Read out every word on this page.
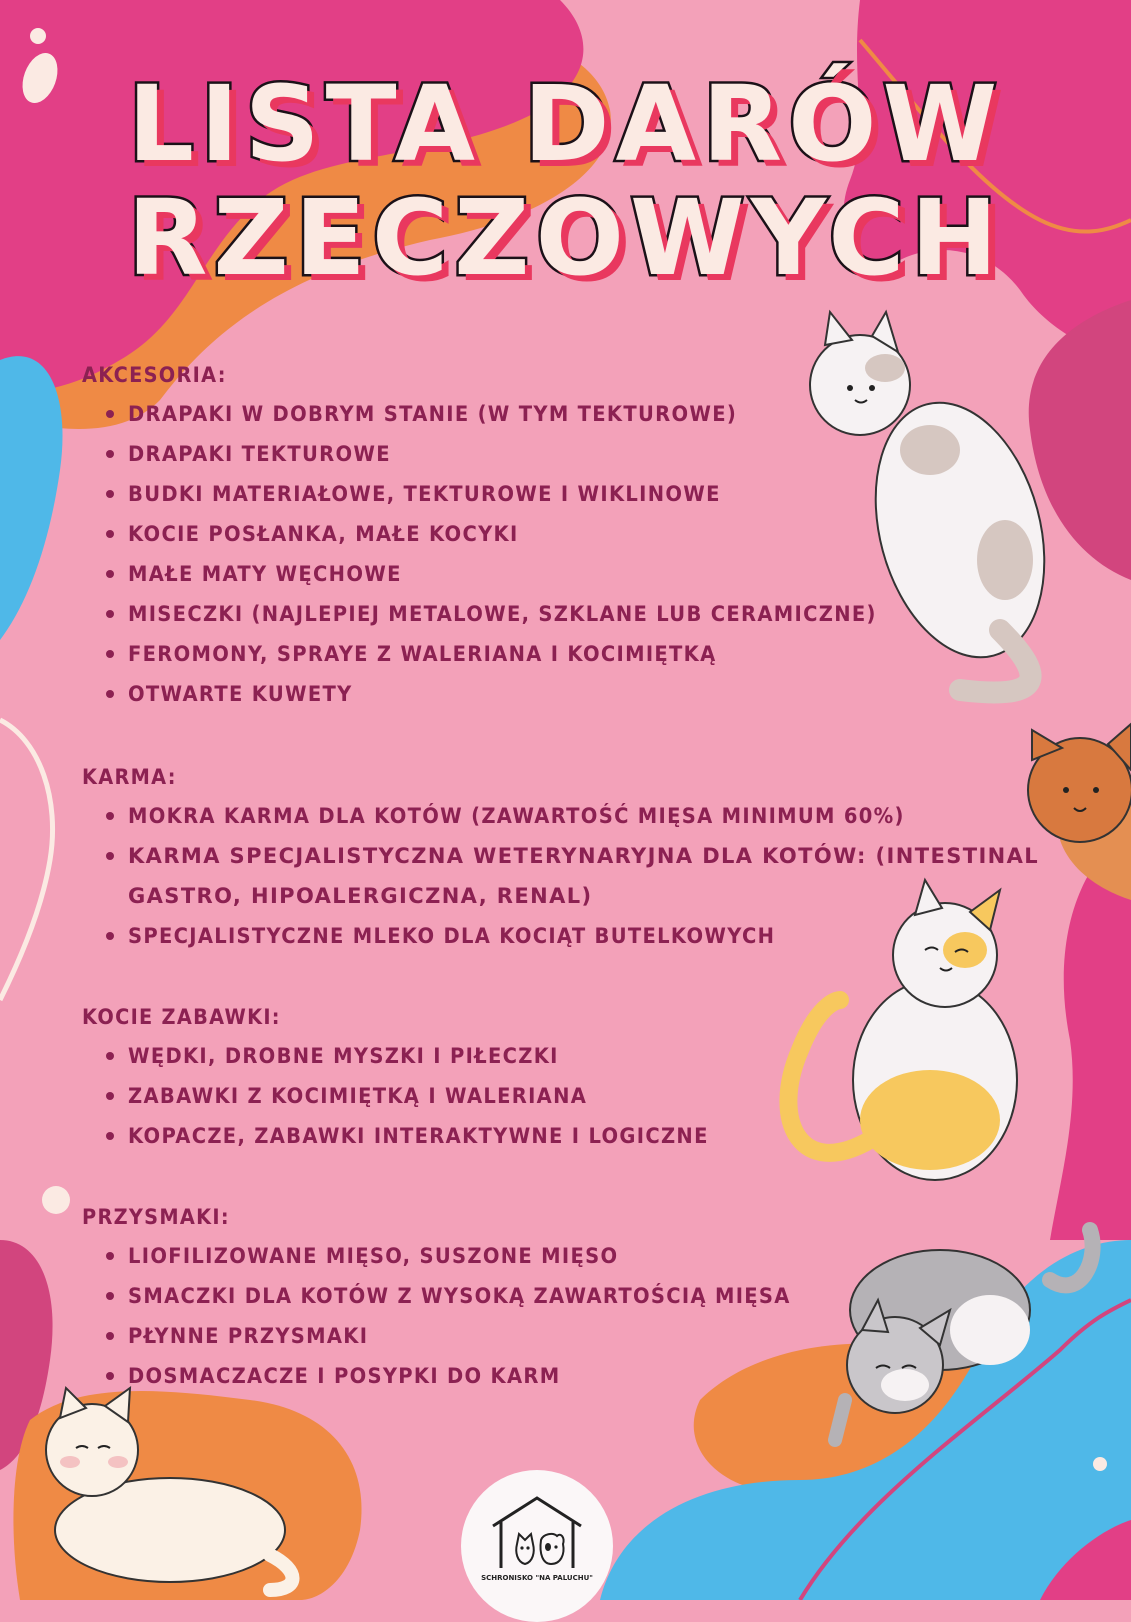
LISTA DARÓW
RZECZOWYCH
AKCESORIA:
DRAPAKI W DOBRYM STANIE (W TYM TEKTUROWE)
DRAPAKI TEKTUROWE
BUDKI MATERIAŁOWE, TEKTUROWE I WIKLINOWE
KOCIE POSŁANKA, MAŁE KOCYKI
MAŁE MATY WĘCHOWE
MISECZKI (NAJLEPIEJ METALOWE, SZKLANE LUB CERAMICZNE)
FEROMONY, SPRAYE Z WALERIANA I KOCIMIĘTKĄ
OTWARTE KUWETY
KARMA:
MOKRA KARMA DLA KOTÓW (ZAWARTOŚĆ MIĘSA MINIMUM 60%)
KARMA SPECJALISTYCZNA WETERYNARYJNA DLA KOTÓW: (INTESTINAL GASTRO, HIPOALERGICZNA, RENAL)
SPECJALISTYCZNE MLEKO DLA KOCIĄT BUTELKOWYCH
KOCIE ZABAWKI:
WĘDKI, DROBNE MYSZKI I PIŁECZKI
ZABAWKI Z KOCIMIĘTKĄ I WALERIANA
KOPACZE, ZABAWKI INTERAKTYWNE I LOGICZNE
PRZYSMAKI:
LIOFILIZOWANE MIĘSO, SUSZONE MIĘSO
SMACZKI DLA KOTÓW Z WYSOKĄ ZAWARTOŚCIĄ MIĘSA
PŁYNNE PRZYSMAKI
DOSMACZACZE I POSYPKI DO KARM
SCHRONISKO "NA PALUCHU"
